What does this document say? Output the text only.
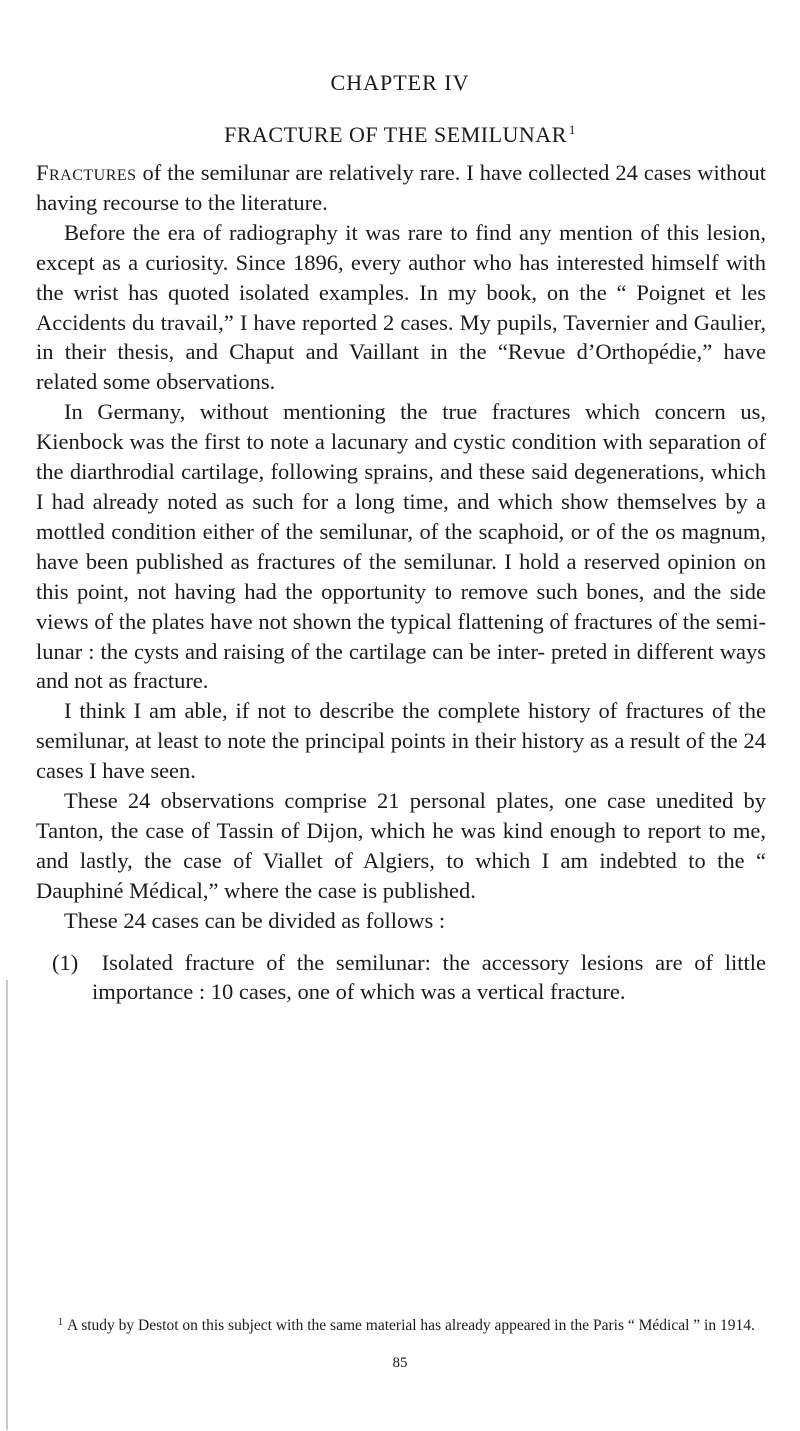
CHAPTER IV
FRACTURE OF THE SEMILUNAR $^1$

Fractures of the semilunar are relatively rare. I have collected 24 cases without having recourse to the literature.

Before the era of radiography it was rare to find any mention of this lesion, except as a curiosity. Since 1896, every author who has interested himself with the wrist has quoted isolated examples. In my book, on the “ Poignet et les Accidents du travail,” I have reported 2 cases. My pupils, Tavernier and Gaulier, in their thesis, and Chaput and Vaillant in the “Revue d’Orthopédie,” have related some observations.

In Germany, without mentioning the true fractures which concern us, Kienbock was the first to note a lacunary and cystic condition with separation of the diarthrodial cartilage, following sprains, and these said degenerations, which I had already noted as such for a long time, and which show themselves by a mottled condition either of the semilunar, of the scaphoid, or of the os magnum, have been published as fractures of the semilunar. I hold a reserved opinion on this point, not having had the opportunity to remove such bones, and the side views of the plates have not shown the typical flattening of fractures of the semi- lunar : the cysts and raising of the cartilage can be inter- preted in different ways and not as fracture.

I think I am able, if not to describe the complete history of fractures of the semilunar, at least to note the principal points in their history as a result of the 24 cases I have seen.

These 24 observations comprise 21 personal plates, one case unedited by Tanton, the case of Tassin of Dijon, which he was kind enough to report to me, and lastly, the case of Viallet of Algiers, to which I am indebted to the “ Dauphiné Médical,” where the case is published.

These 24 cases can be divided as follows :

(1) Isolated fracture of the semilunar: the accessory lesions are of little importance : 10 cases, one of which was a vertical fracture.
$^1$ A study by Destot on this subject with the same material has already appeared in the Paris “ Médical ” in 1914.
85
